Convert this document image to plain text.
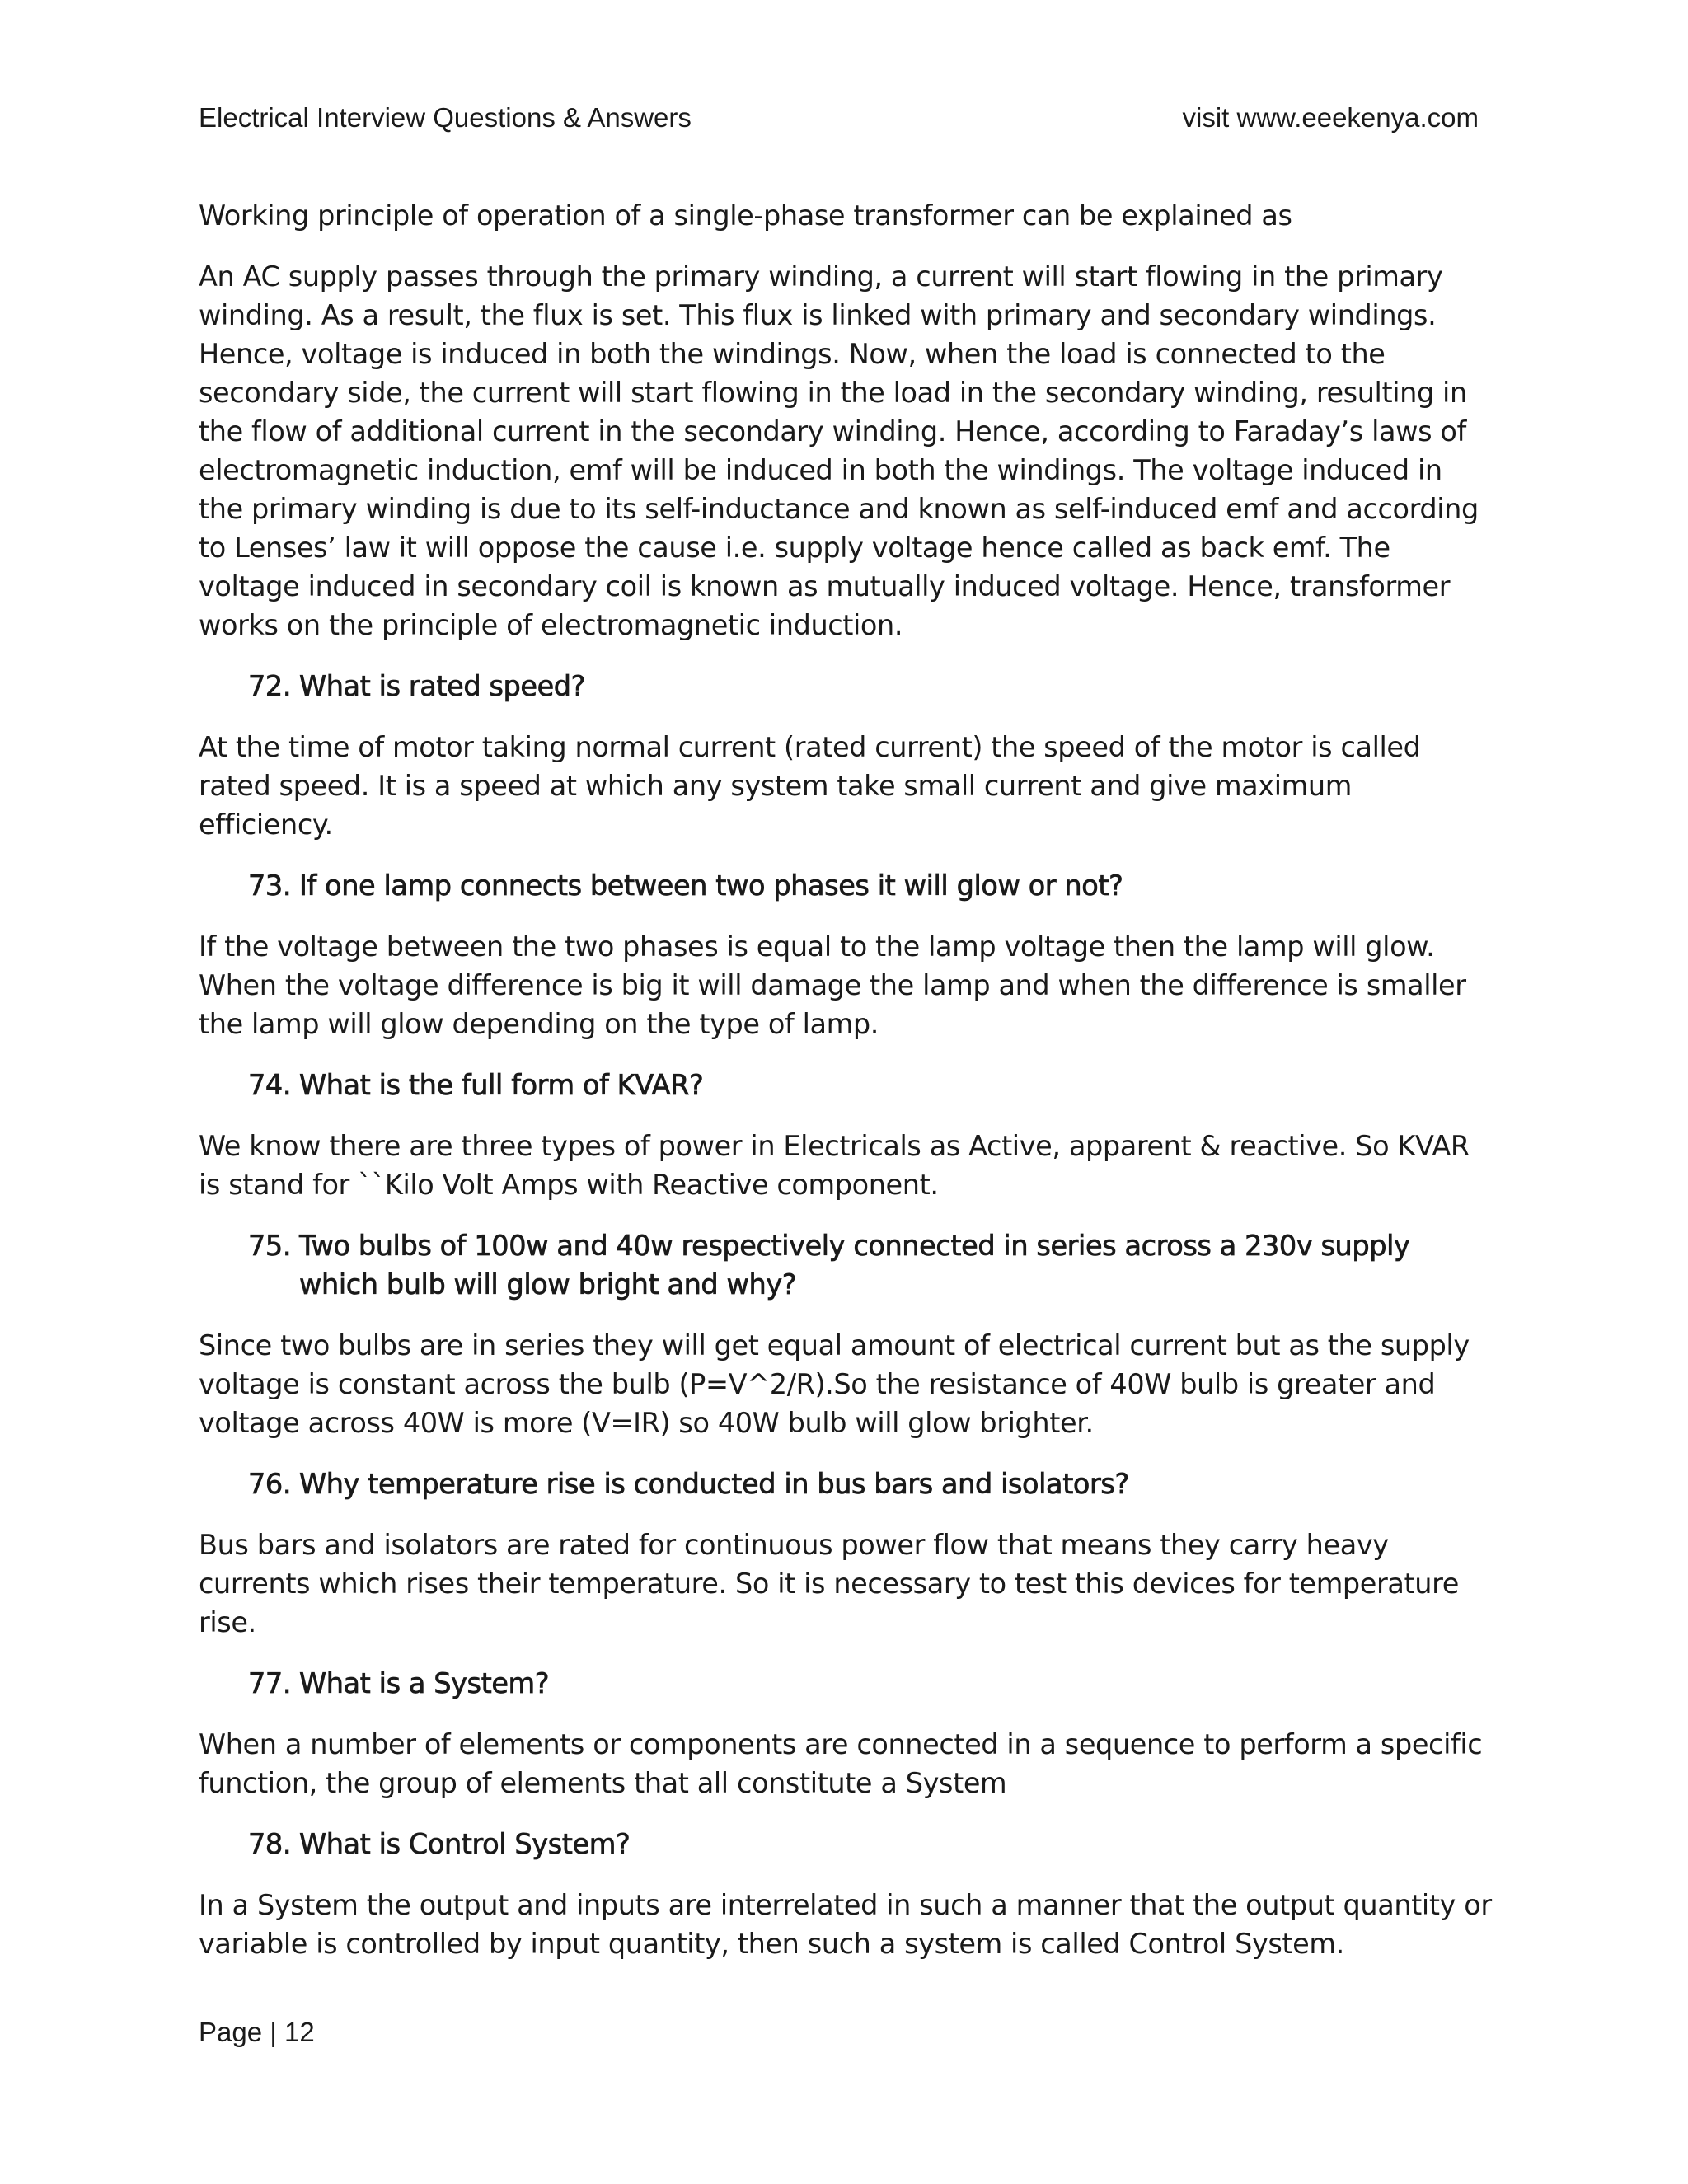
Electrical Interview Questions & Answers	visit www.eeekenya.com

Working principle of operation of a single-phase transformer can be explained as

An AC supply passes through the primary winding, a current will start flowing in the primary winding. As a result, the flux is set. This flux is linked with primary and secondary windings. Hence, voltage is induced in both the windings. Now, when the load is connected to the secondary side, the current will start flowing in the load in the secondary winding, resulting in the flow of additional current in the secondary winding. Hence, according to Faraday’s laws of electromagnetic induction, emf will be induced in both the windings. The voltage induced in the primary winding is due to its self-inductance and known as self-induced emf and according to Lenses’ law it will oppose the cause i.e. supply voltage hence called as back emf. The voltage induced in secondary coil is known as mutually induced voltage. Hence, transformer works on the principle of electromagnetic induction.

72. What is rated speed?

At the time of motor taking normal current (rated current) the speed of the motor is called rated speed. It is a speed at which any system take small current and give maximum efficiency.

73. If one lamp connects between two phases it will glow or not?

If the voltage between the two phases is equal to the lamp voltage then the lamp will glow. When the voltage difference is big it will damage the lamp and when the difference is smaller the lamp will glow depending on the type of lamp.

74. What is the full form of KVAR?

We know there are three types of power in Electricals as Active, apparent & reactive. So KVAR is stand for ``Kilo Volt Amps with Reactive component.

75. Two bulbs of 100w and 40w respectively connected in series across a 230v supply which bulb will glow bright and why?

Since two bulbs are in series they will get equal amount of electrical current but as the supply voltage is constant across the bulb (P=V^2/R).So the resistance of 40W bulb is greater and voltage across 40W is more (V=IR) so 40W bulb will glow brighter.

76. Why temperature rise is conducted in bus bars and isolators?

Bus bars and isolators are rated for continuous power flow that means they carry heavy currents which rises their temperature. So it is necessary to test this devices for temperature rise.

77. What is a System?

When a number of elements or components are connected in a sequence to perform a specific function, the group of elements that all constitute a System

78. What is Control System?

In a System the output and inputs are interrelated in such a manner that the output quantity or variable is controlled by input quantity, then such a system is called Control System.

Page | 12
